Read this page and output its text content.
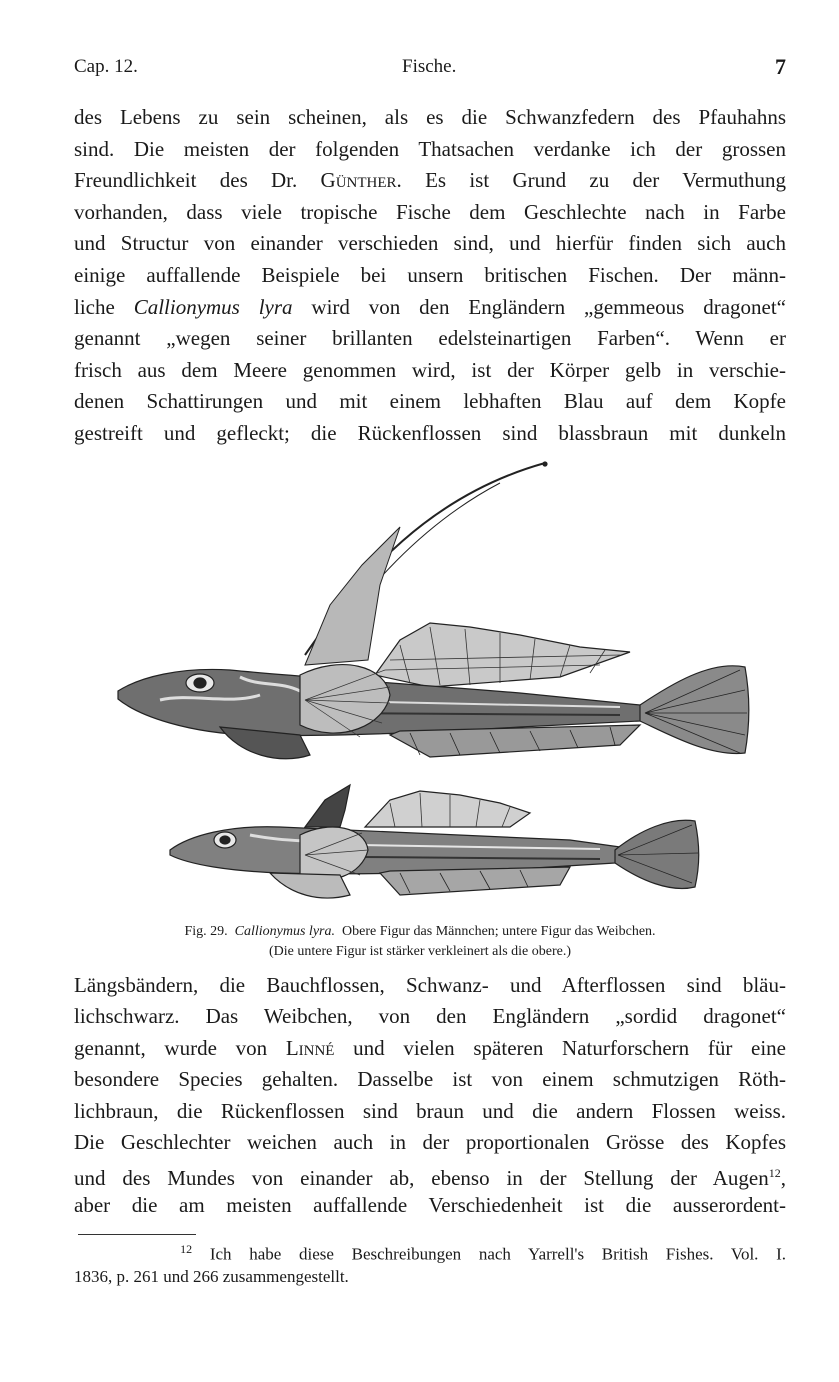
Cap. 12.	Fische.	7
des Lebens zu sein scheinen, als es die Schwanzfedern des Pfauhahns
sind. Die meisten der folgenden Thatsachen verdanke ich der grossen
Freundlichkeit des Dr. Günther. Es ist Grund zu der Vermuthung
vorhanden, dass viele tropische Fische dem Geschlechte nach in Farbe
und Structur von einander verschieden sind, und hierfür finden sich auch
einige auffallende Beispiele bei unsern britischen Fischen. Der männ-
liche Callionymus lyra wird von den Engländern „gemmeous dragonet“
genannt „wegen seiner brillanten edelsteinartigen Farben“. Wenn er
frisch aus dem Meere genommen wird, ist der Körper gelb in verschie-
denen Schattirungen und mit einem lebhaften Blau auf dem Kopfe
gestreift und gefleckt; die Rückenflossen sind blassbraun mit dunkeln
Fig. 29. Callionymus lyra. Obere Figur das Männchen; untere Figur das Weibchen.
(Die untere Figur ist stärker verkleinert als die obere.)
Längsbändern, die Bauchflossen, Schwanz- und Afterflossen sind bläu-
lichschwarz. Das Weibchen, von den Engländern „sordid dragonet“
genannt, wurde von Linné und vielen späteren Naturforschern für eine
besondere Species gehalten. Dasselbe ist von einem schmutzigen Röth-
lichbraun, die Rückenflossen sind braun und die andern Flossen weiss.
Die Geschlechter weichen auch in der proportionalen Grösse des Kopfes
und des Mundes von einander ab, ebenso in der Stellung der Augen$^{12}$,
aber die am meisten auffallende Verschiedenheit ist die ausserordent-
$^{12}$ Ich habe diese Beschreibungen nach Yarrell's British Fishes. Vol. I.
1836, p. 261 und 266 zusammengestellt.
